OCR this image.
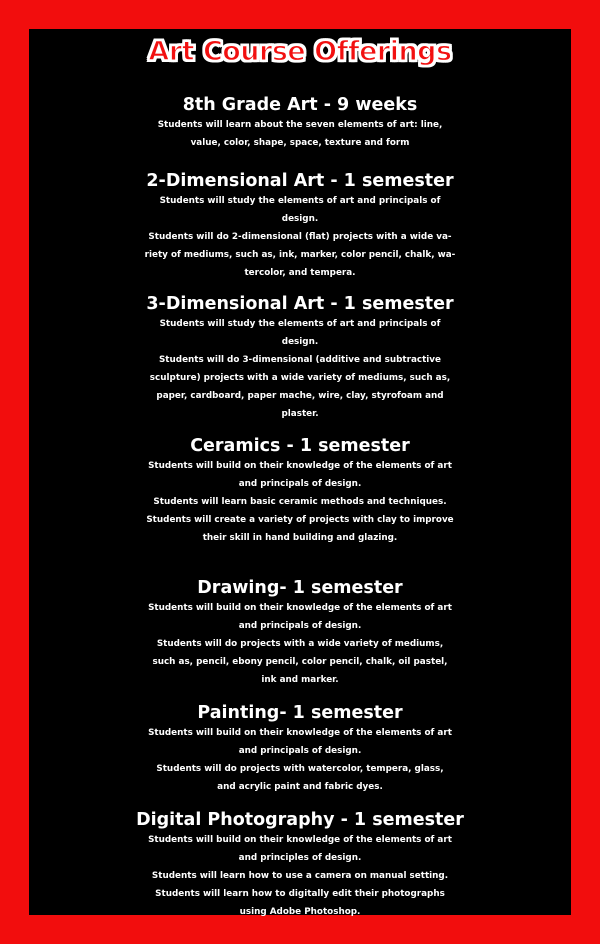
Art Course Offerings
8th Grade Art - 9 weeks
Students will learn about the seven elements of art: line,
value, color, shape, space, texture and form
2-Dimensional Art - 1 semester
Students will study the elements of art and principals of
design.
Students will do 2-dimensional (flat) projects with a wide va-
riety of mediums, such as, ink, marker, color pencil, chalk, wa-
tercolor, and tempera.
3-Dimensional Art - 1 semester
Students will study the elements of art and principals of
design.
Students will do 3-dimensional (additive and subtractive
sculpture) projects with a wide variety of mediums, such as,
paper, cardboard, paper mache, wire, clay, styrofoam and
plaster.
Ceramics - 1 semester
Students will build on their knowledge of the elements of art
and principals of design.
Students will learn basic ceramic methods and techniques.
Students will create a variety of projects with clay to improve
their skill in hand building and glazing.
Drawing- 1 semester
Students will build on their knowledge of the elements of art
and principals of design.
Students will do projects with a wide variety of mediums,
such as, pencil, ebony pencil, color pencil, chalk, oil pastel,
ink and marker.
Painting- 1 semester
Students will build on their knowledge of the elements of art
and principals of design.
Students will do projects with watercolor, tempera, glass,
and acrylic paint and fabric dyes.
Digital Photography - 1 semester
Students will build on their knowledge of the elements of art
and principles of design.
Students will learn how to use a camera on manual setting.
Students will learn how to digitally edit their photographs
using Adobe Photoshop.
